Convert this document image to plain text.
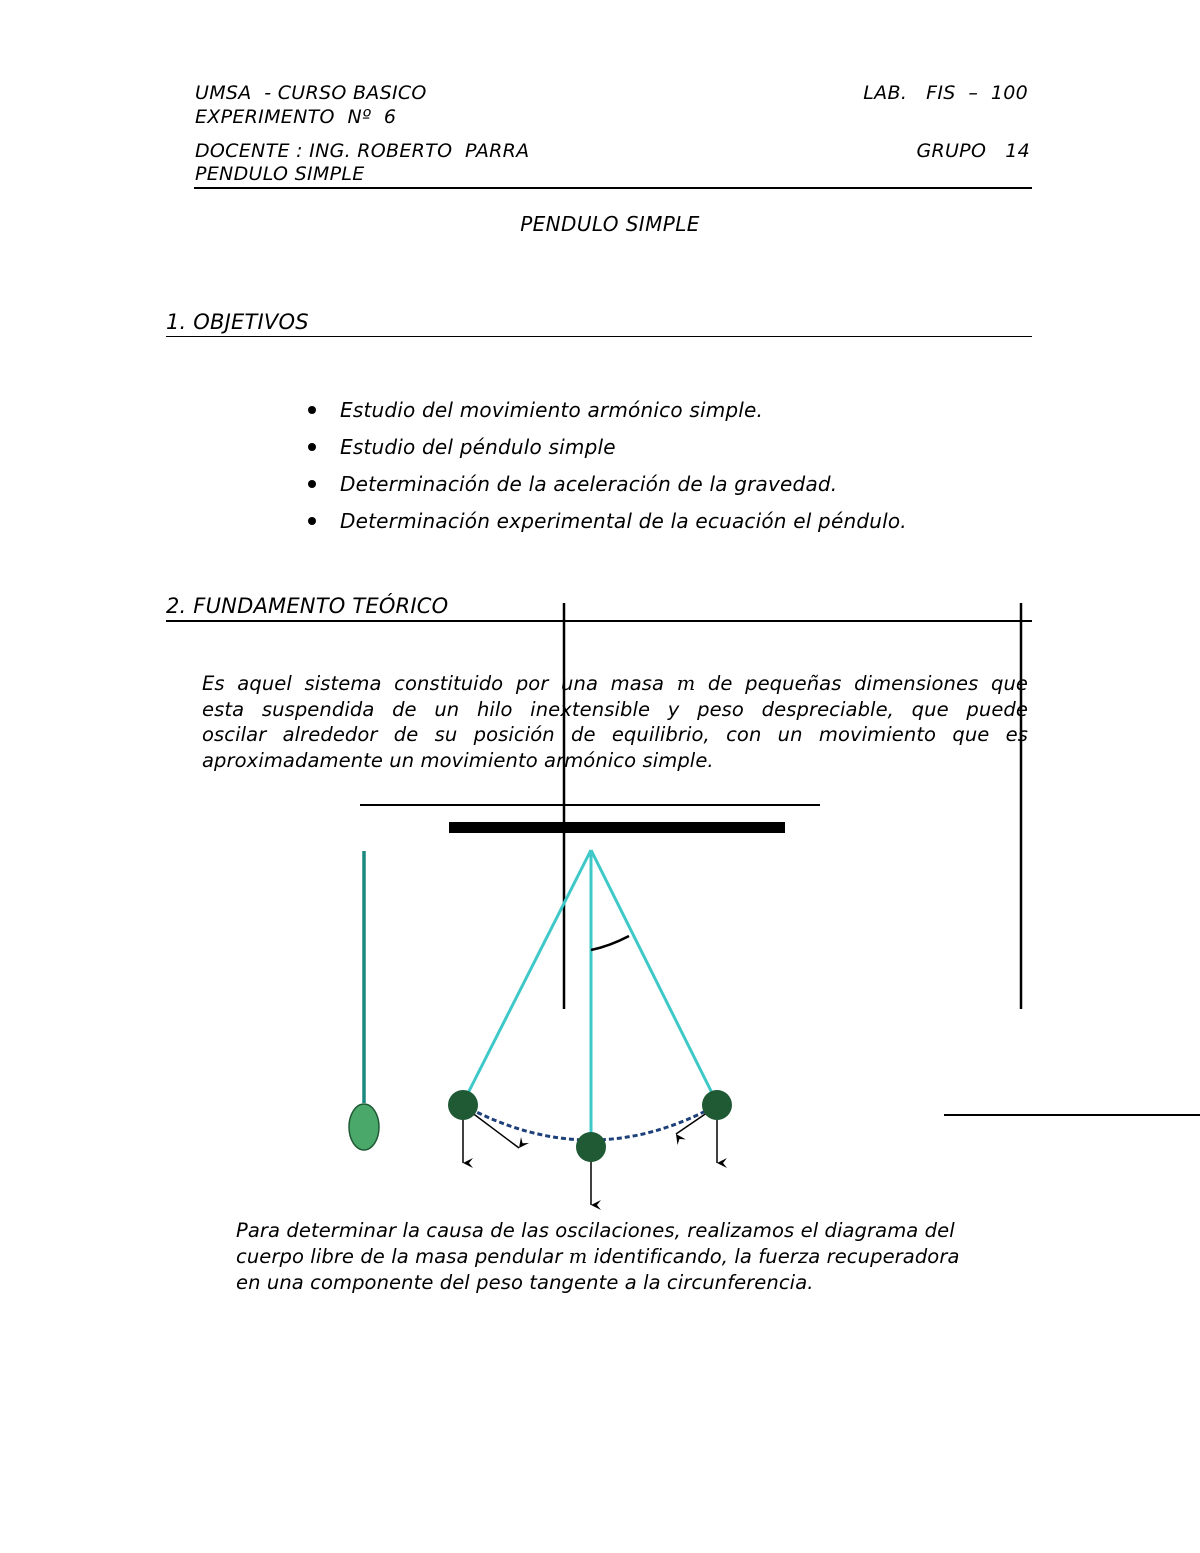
UMSA  - CURSO BASICO	LAB.   FIS  –  100
EXPERIMENTO  Nº  6
DOCENTE : ING. ROBERTO  PARRA	GRUPO   14
PENDULO SIMPLE
PENDULO SIMPLE
1. OBJETIVOS
Estudio del movimiento armónico simple.
Estudio del péndulo simple
Determinación de la aceleración de la gravedad.
Determinación experimental de la ecuación el péndulo.
2. FUNDAMENTO TEÓRICO
Es aquel sistema constituido por una masa m de pequeñas dimensiones que
esta suspendida de un hilo inextensible y peso despreciable, que puede
oscilar alrededor de su posición de equilibrio, con un movimiento que es
aproximadamente un movimiento armónico simple.
Para determinar la causa de las oscilaciones, realizamos el diagrama del
cuerpo libre de la masa pendular m identificando, la fuerza recuperadora
en una componente del peso tangente a la circunferencia.
